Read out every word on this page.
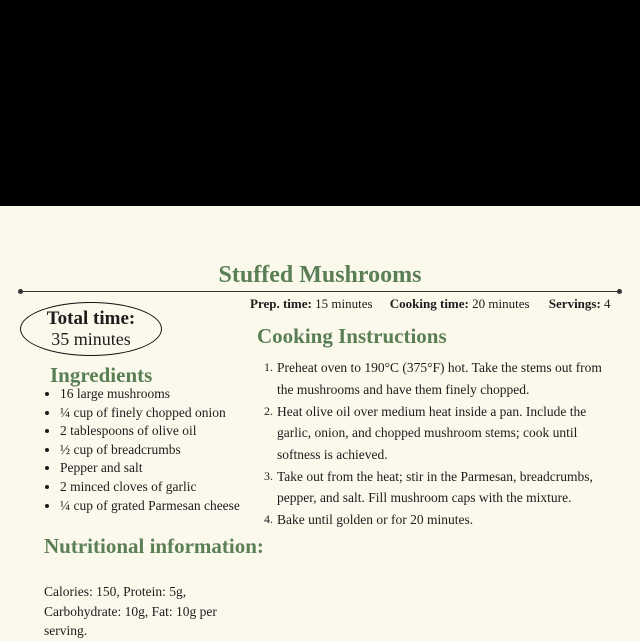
Stuffed Mushrooms
Prep. time: 15 minutes Cooking time: 20 minutes Servings: 4
Total time:
35 minutes
Ingredients
• 16 large mushrooms
• ¼ cup of finely chopped onion
• 2 tablespoons of olive oil
• ½ cup of breadcrumbs
• Pepper and salt
• 2 minced cloves of garlic
• ¼ cup of grated Parmesan cheese
Nutritional information:
Calories: 150, Protein: 5g, Carbohydrate: 10g, Fat: 10g per serving.
Cooking Instructions
1. Preheat oven to 190°C (375°F) hot. Take the stems out from the mushrooms and have them finely chopped.
2. Heat olive oil over medium heat inside a pan. Include the garlic, onion, and chopped mushroom stems; cook until softness is achieved.
3. Take out from the heat; stir in the Parmesan, breadcrumbs, pepper, and salt. Fill mushroom caps with the mixture.
4. Bake until golden or for 20 minutes.
